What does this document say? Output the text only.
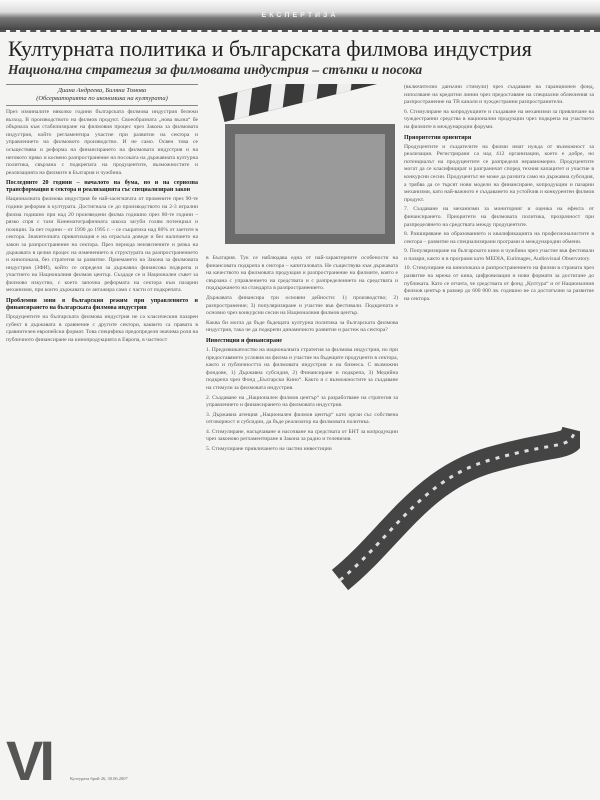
ЕКСПЕРТИЗА
Културната политика и българската филмова индустрия
Национална стратегия за филмовата индустрия – стъпки и посока
Диана Андреева, Биляна Томова
(Обсерваторията по икономика на културата)

През изминалите няколко години българската филмова индустрия бележи възход. В производството на филмов продукт. Своеобразната „нова вълна“ бе обърнала към стабилизиране на филмовия процес чрез Закона за филмовата индустрия, който регламентира участие при развитие на сектора и управлението на филмовото производство. И не само. Освен това се осъществява и реформа на финансирането на филмовата индустрия и на неговото пряко и косвено разпространение на посоката на държавната културна политика, свързана с подкрепата на продуцентите, възможностите и реализацията на филмите в България и чужбина.

Последните 20 години – началото на бума, но и на сериозна трансформация в сектора и реализацията със специализиран закон

Националната филмова индустрия бе най-засегнатата от промените през 90-те години реформи в културата. Достигнала се до производството на 2-3 игрални филма годишно при над 20 произведени филма годишно през 80-те години – рязко спря с тази Кинематографичната школа загуби голям потенциал и позиции. За пет години – от 1990 до 1995 г. – се съкратиха над 80% от заетите в сектора. Значителната приватизация е на отрасъла доведе и без наличието на закон за разпространение на сектора. През периода неизяснените и рязка на държавата в целия процес на изменението в структурата на разпространението и кинопоказа, без стратегия за развитие. Приемането на Закона за филмовата индустрия (ЗФИ), който се определя за държавна финансова подкрепа и участието на Националния филмов център. Създаде се и Национален съвет за филмово изкуство, с което започна реформата на сектора към пазарни механизми, при които държавата се ангажира само с части от подкрепата.

Проблемни зони в българския режим при управлението и финансирането на българската филмова индустрия

Продуцентите на българската филмова индустрия не са класическия пазарен субект в държавата в сравнение с другите сектори, каквито са правата в сравнителен европейски формат. Това специфика предопределя значима роля на публичното финансиране на кинопродукцията в Европа, в частност

в България. Тук се наблюдава една от най-характерните особености на финансовата подкрепа в сектора – капиталовата. Не съществува към държавата на качеството на филмовата продукция и разпространение на филмите, която е свързана с управлението на средствата и с разпределението на средствата и поддържането на стандарта в разпространението.

Държавата финансира три основни дейности: 1) производство; 2) разпространение; 3) популяризиране и участие във фестивали. Подкрепата е основно чрез конкурсни сесии на Националния филмов център.

Каква би могла да бъде бъдещата културна политика за българската филмова индустрия, така че да подкрепи динамичното развитие и растеж на сектора?

Инвестиции и финансиране

1. Предизвикателство на националната стратегия за филмова индустрия, но при предоставянето условия на филма и участие на бъдещите продуценти в сектора, както и публичността на филмовата индустрия и на бизнеса. С възможни фондове, 1) Държавна субсидия, 2) Финансиране и подкрепа, 3) Медийна подкрепа чрез Фонд „Български Кино“. Както и с възможностите за създаване на стимули за филмовата индустрия.

2. Създаване на „Национален филмов център“ за разработване на стратегия за управлението и финансирането на филмовата индустрия.

3. Държавна агенция „Национален филмов център“ като орган със собствена отговорност и субсидии, да бъде реализатор на филмовата политика.

4. Стимулиране, насърчаване и насочване на средствата от БНТ за копродукции чрез законово регламентиране в Закона за радио и телевизия.

5. Стимулиране привличането на частни инвестиции

(включително данъчни стимули) чрез създаване на гаранционен фонд, използване на кредитни линии чрез предоставяне на специални облекчения за разпространение на ТВ канали и чуждестранни разпространители.

6. Стимулиране на копродукциите и създаване на механизми за привличане на чуждестранни средства в национални продукции чрез подкрепа на участието на филмите в международни форуми.

Приоритетни ориентири

Продуцентите и създателите на филми имат нужда от възможност за реализация. Регистрирани са над 412 организации, което е добре, но потенциалът на продуцентите се разпределя неравномерно. Продуцентите могат да се класифицират и разграничат според техния капацитет и участие в конкурсни сесии. Продуцентът не може да разчита само на държавна субсидия, а трябва да се търсят нови модели на финансиране, копродукции и пазарни механизми, като най-важното е създаването на устойчив и конкурентен филмов продукт.

7. Създаване на механизми за мониторинг и оценка на ефекта от финансирането. Приоритети на филмовата политика, прозрачност при разпределянето на средствата между продуцентите.

8. Разширяване на образованието и квалификацията на професионалистите в сектора – развитие на специализирани програми и международни обмени.

9. Популяризиране на българското кино в чужбина чрез участие във фестивали и пазари, както и в програми като MEDIA, Eurimages, Audiovisual Observatory.

10. Стимулиране на кинопоказа и разпространението на филми в страната чрез развитие на мрежа от кина, цифровизация и нови формати за достигане до публиката. Като се отчита, че средствата от фонд „Култура“ и от Националния филмов център в размер до 600 000 лв. годишно не са достатъчни за развитие на сектора.

VI	Културата брой 26, 30.06.2007
